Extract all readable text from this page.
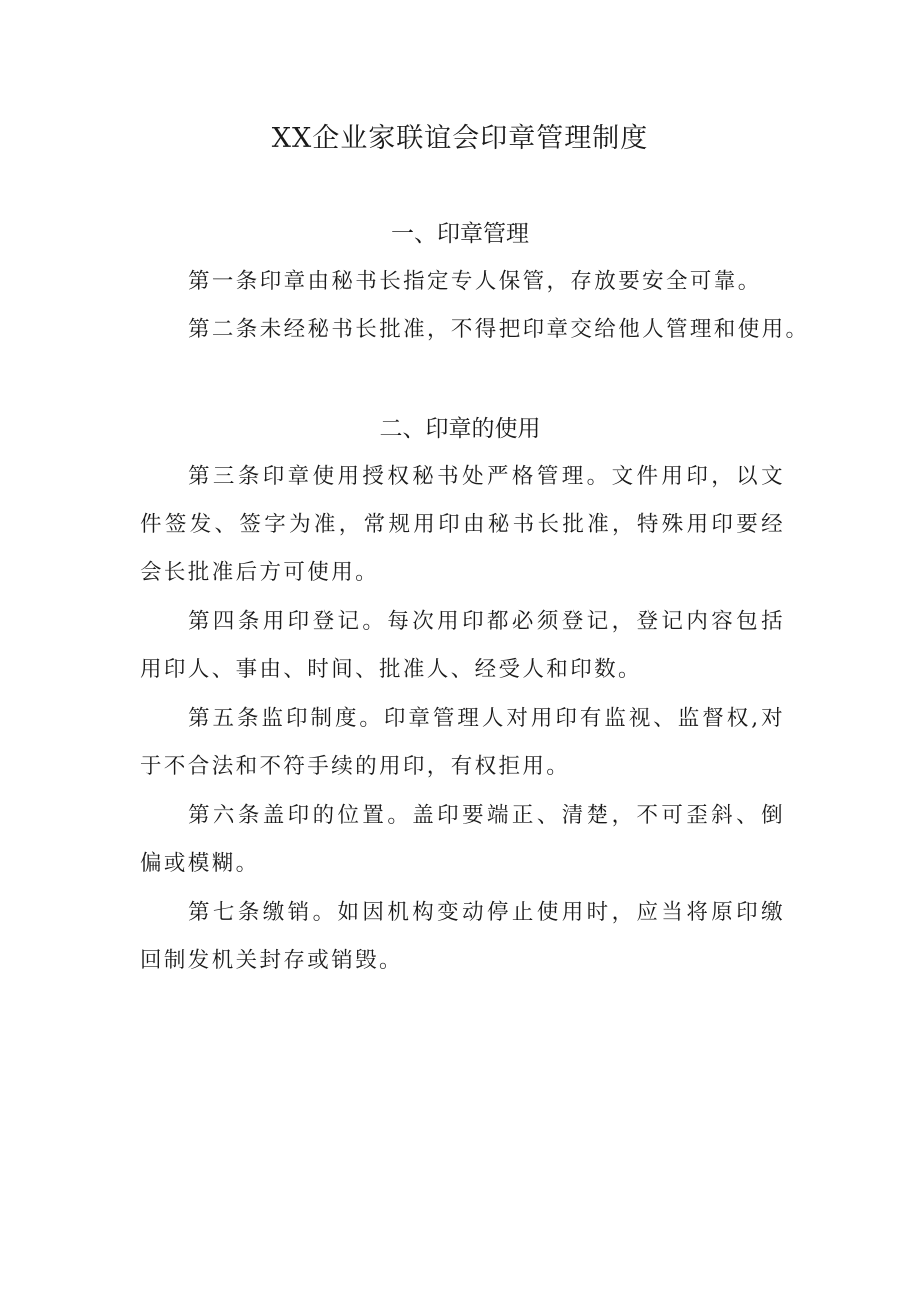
XX企业家联谊会印章管理制度
一、印章管理

第一条印章由秘书长指定专人保管，存放要安全可靠。

第二条未经秘书长批准，不得把印章交给他人管理和使用。

二、印章的使用

第三条印章使用授权秘书处严格管理。文件用印，以文件签发、签字为准，常规用印由秘书长批准，特殊用印要经会长批准后方可使用。

第四条用印登记。每次用印都必须登记，登记内容包括用印人、事由、时间、批准人、经受人和印数。

第五条监印制度。印章管理人对用印有监视、监督权,对于不合法和不符手续的用印，有权拒用。

第六条盖印的位置。盖印要端正、清楚，不可歪斜、倒偏或模糊。

第七条缴销。如因机构变动停止使用时，应当将原印缴回制发机关封存或销毁。
